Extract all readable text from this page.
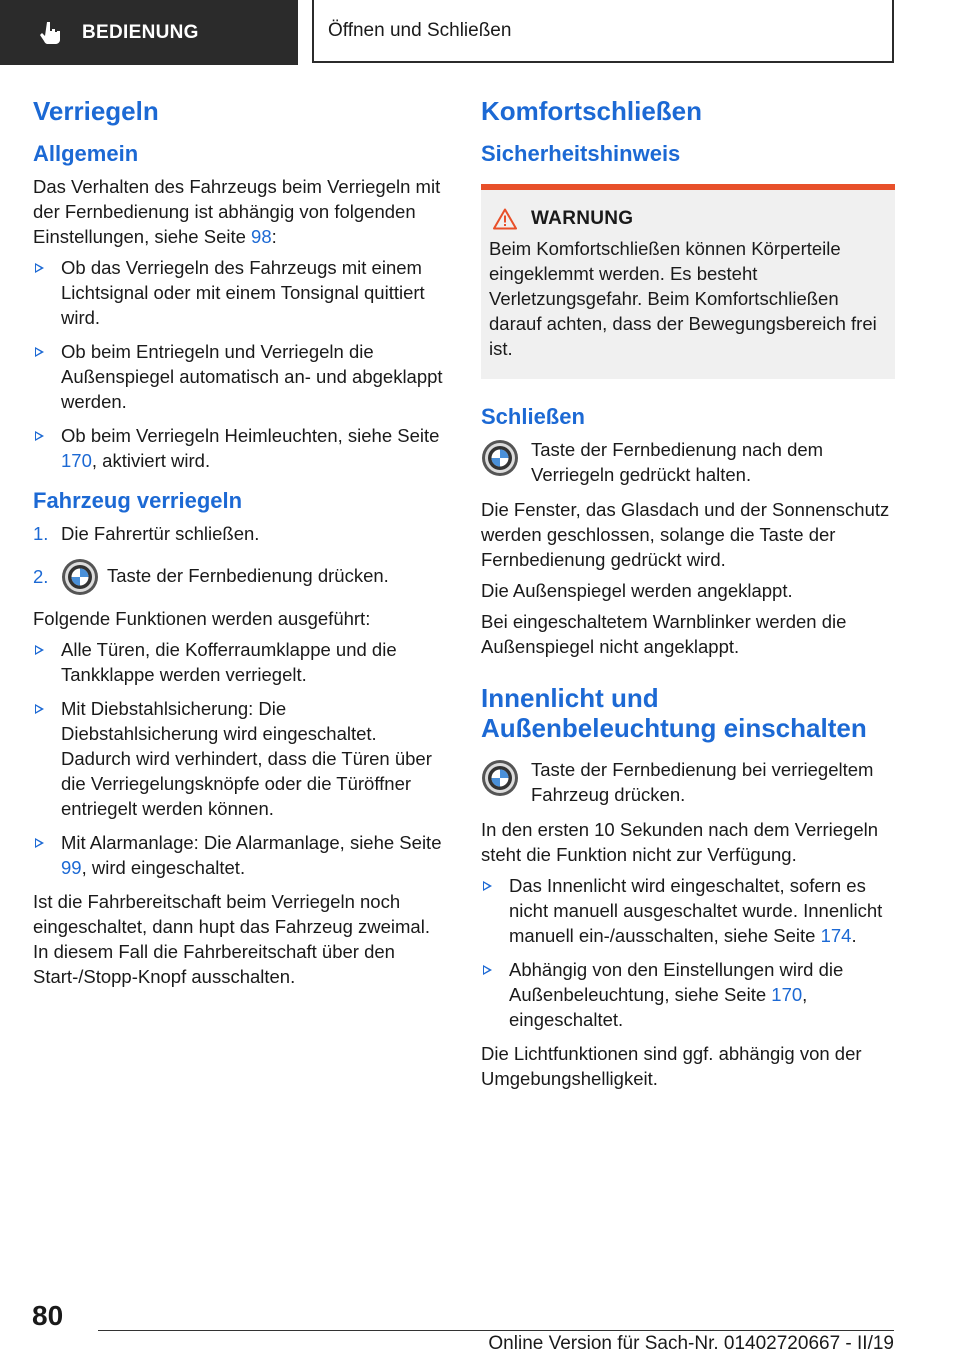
BEDIENUNG	Öffnen und Schließen
Verriegeln
Allgemein

Das Verhalten des Fahrzeugs beim Verriegeln mit der Fernbedienung ist abhängig von folgenden Einstellungen, siehe Seite 98:

Ob das Verriegeln des Fahrzeugs mit einem Lichtsignal oder mit einem Tonsignal quittiert wird.
Ob beim Entriegeln und Verriegeln die Außenspiegel automatisch an- und abgeklappt werden.
Ob beim Verriegeln Heimleuchten, siehe Seite 170, aktiviert wird.
Fahrzeug verriegeln
1. Die Fahrertür schließen.
2.	Taste der Fernbedienung drücken.

Folgende Funktionen werden ausgeführt:

Alle Türen, die Kofferraumklappe und die Tankklappe werden verriegelt.
Mit Diebstahlsicherung: Die Diebstahlsicherung wird eingeschaltet. Dadurch wird verhindert, dass die Türen über die Verriegelungsknöpfe oder die Türöffner entriegelt werden können.
Mit Alarmanlage: Die Alarmanlage, siehe Seite 99, wird eingeschaltet.

Ist die Fahrbereitschaft beim Verriegeln noch eingeschaltet, dann hupt das Fahrzeug zweimal. In diesem Fall die Fahrbereitschaft über den Start-/Stopp-Knopf ausschalten.

Komfortschließen
Sicherheitshinweis
WARNUNG

Beim Komfortschließen können Körperteile eingeklemmt werden. Es besteht Verletzungsgefahr. Beim Komfortschließen darauf achten, dass der Bewegungsbereich frei ist.

Schließen

Taste der Fernbedienung nach dem Verriegeln gedrückt halten.

Die Fenster, das Glasdach und der Sonnenschutz werden geschlossen, solange die Taste der Fernbedienung gedrückt wird.

Die Außenspiegel werden angeklappt.

Bei eingeschaltetem Warnblinker werden die Außenspiegel nicht angeklappt.

Innenlicht und Außenbeleuchtung einschalten

Taste der Fernbedienung bei verriegeltem Fahrzeug drücken.

In den ersten 10 Sekunden nach dem Verriegeln steht die Funktion nicht zur Verfügung.

Das Innenlicht wird eingeschaltet, sofern es nicht manuell ausgeschaltet wurde. Innenlicht manuell ein-/ausschalten, siehe Seite 174.
Abhängig von den Einstellungen wird die Außenbeleuchtung, siehe Seite 170, eingeschaltet.

Die Lichtfunktionen sind ggf. abhängig von der Umgebungshelligkeit.

80
Online Version für Sach-Nr. 01402720667 - II/19
